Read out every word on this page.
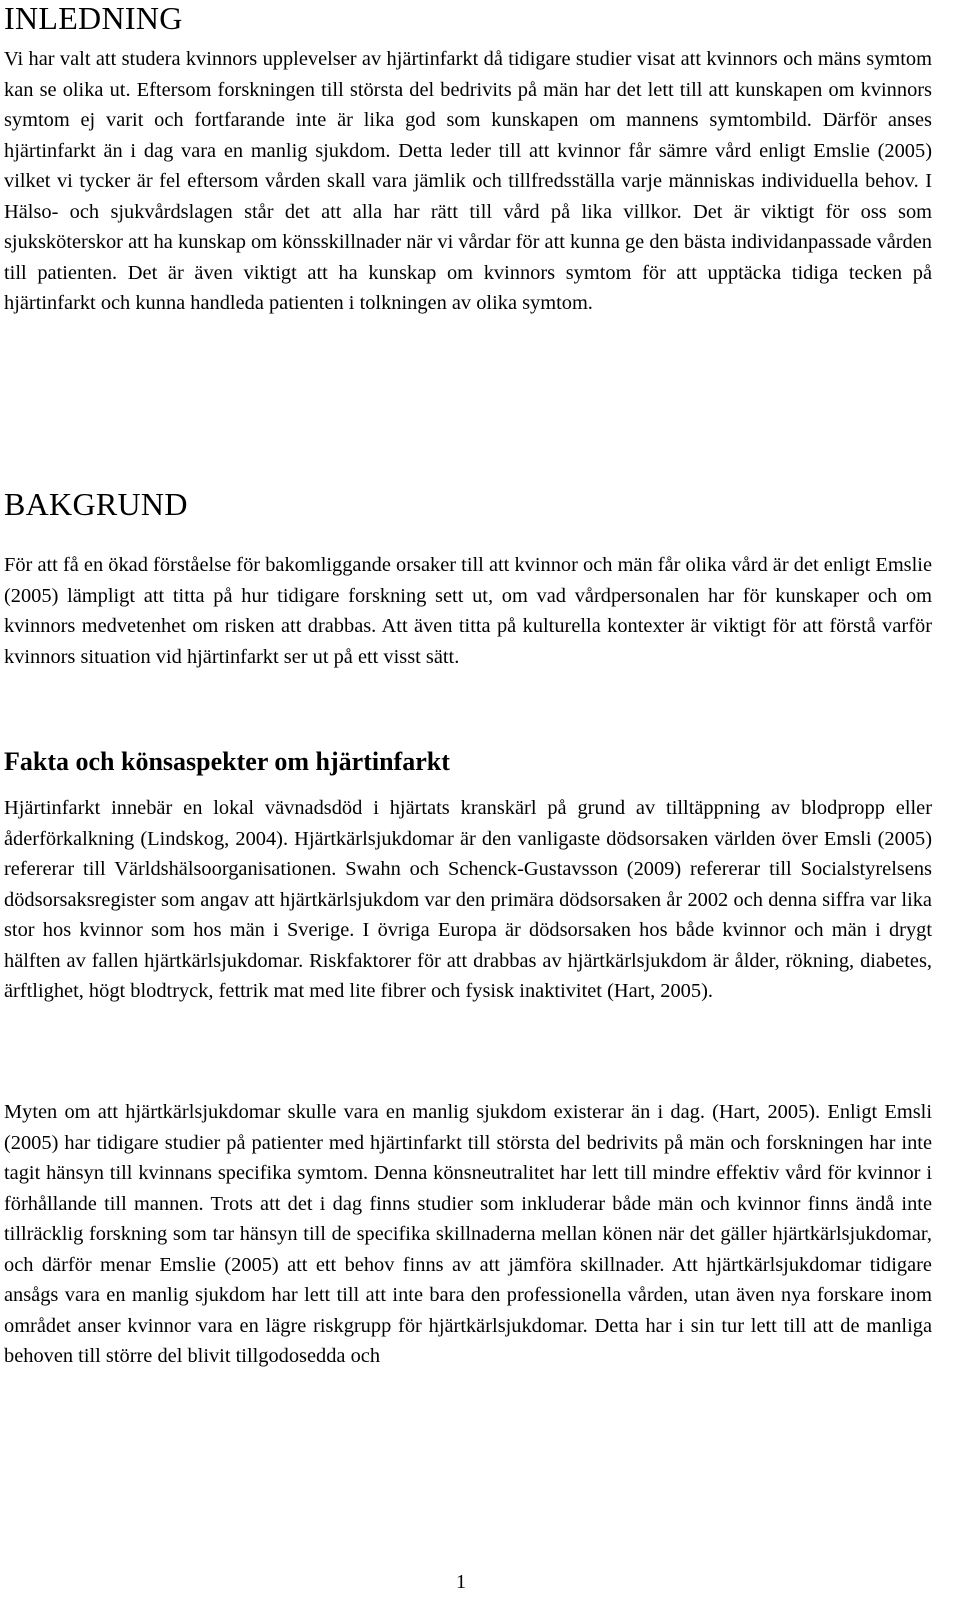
INLEDNING

Vi har valt att studera kvinnors upplevelser av hjärtinfarkt då tidigare studier visat att kvinnors och mäns symtom kan se olika ut. Eftersom forskningen till största del bedrivits på män har det lett till att kunskapen om kvinnors symtom ej varit och fortfarande inte är lika god som kunskapen om mannens symtombild. Därför anses hjärtinfarkt än i dag vara en manlig sjukdom. Detta leder till att kvinnor får sämre vård enligt Emslie (2005) vilket vi tycker är fel eftersom vården skall vara jämlik och tillfredsställa varje människas individuella behov. I Hälso- och sjukvårdslagen står det att alla har rätt till vård på lika villkor. Det är viktigt för oss som sjuksköterskor att ha kunskap om könsskillnader när vi vårdar för att kunna ge den bästa individanpassade vården till patienten. Det är även viktigt att ha kunskap om kvinnors symtom för att upptäcka tidiga tecken på hjärtinfarkt och kunna handleda patienten i tolkningen av olika symtom.

BAKGRUND

För att få en ökad förståelse för bakomliggande orsaker till att kvinnor och män får olika vård är det enligt Emslie (2005) lämpligt att titta på hur tidigare forskning sett ut, om vad vårdpersonalen har för kunskaper och om kvinnors medvetenhet om risken att drabbas. Att även titta på kulturella kontexter är viktigt för att förstå varför kvinnors situation vid hjärtinfarkt ser ut på ett visst sätt.

Fakta och könsaspekter om hjärtinfarkt

Hjärtinfarkt innebär en lokal vävnadsdöd i hjärtats kranskärl på grund av tilltäppning av blodpropp eller åderförkalkning (Lindskog, 2004). Hjärtkärlsjukdomar är den vanligaste dödsorsaken världen över Emsli (2005) refererar till Världshälsoorganisationen. Swahn och Schenck-Gustavsson (2009) refererar till Socialstyrelsens dödsorsaksregister som angav att hjärtkärlsjukdom var den primära dödsorsaken år 2002 och denna siffra var lika stor hos kvinnor som hos män i Sverige. I övriga Europa är dödsorsaken hos både kvinnor och män i drygt hälften av fallen hjärtkärlsjukdomar. Riskfaktorer för att drabbas av hjärtkärlsjukdom är ålder, rökning, diabetes, ärftlighet, högt blodtryck, fettrik mat med lite fibrer och fysisk inaktivitet (Hart, 2005).

Myten om att hjärtkärlsjukdomar skulle vara en manlig sjukdom existerar än i dag. (Hart, 2005). Enligt Emsli (2005) har tidigare studier på patienter med hjärtinfarkt till största del bedrivits på män och forskningen har inte tagit hänsyn till kvinnans specifika symtom. Denna könsneutralitet har lett till mindre effektiv vård för kvinnor i förhållande till mannen. Trots att det i dag finns studier som inkluderar både män och kvinnor finns ändå inte tillräcklig forskning som tar hänsyn till de specifika skillnaderna mellan könen när det gäller hjärtkärlsjukdomar, och därför menar Emslie (2005) att ett behov finns av att jämföra skillnader. Att hjärtkärlsjukdomar tidigare ansågs vara en manlig sjukdom har lett till att inte bara den professionella vården, utan även nya forskare inom området anser kvinnor vara en lägre riskgrupp för hjärtkärlsjukdomar. Detta har i sin tur lett till att de manliga behoven till större del blivit tillgodosedda och

1
